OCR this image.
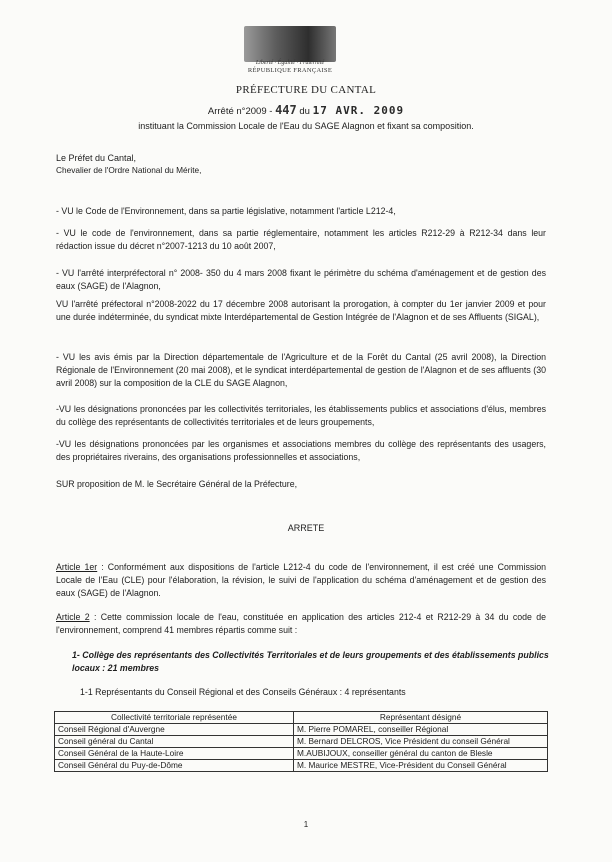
Liberté · Égalité · Fraternité
RÉPUBLIQUE FRANÇAISE
PRÉFECTURE DU CANTAL
Arrêté n°2009 - 447 du 17 AVR. 2009
instituant la Commission Locale de l'Eau du SAGE Alagnon et fixant sa composition.
Le Préfet du Cantal,
Chevalier de l'Ordre National du Mérite,
- VU le Code de l'Environnement, dans sa partie législative, notamment l'article L212-4,
- VU le code de l'environnement, dans sa partie réglementaire, notamment les articles R212-29 à R212-34 dans leur rédaction issue du décret n°2007-1213 du 10 août 2007,
- VU l'arrêté interpréfectoral n° 2008- 350 du 4 mars 2008 fixant le périmètre du schéma d'aménagement et de gestion des eaux (SAGE) de l'Alagnon,
VU l'arrêté préfectoral n°2008-2022 du 17 décembre 2008 autorisant la prorogation, à compter du 1er janvier 2009 et pour une durée indéterminée, du syndicat mixte Interdépartemental de Gestion Intégrée de l'Alagnon et de ses Affluents (SIGAL),
- VU les avis émis par la Direction départementale de l'Agriculture et de la Forêt du Cantal (25 avril 2008), la Direction Régionale de l'Environnement (20 mai 2008), et le syndicat interdépartemental de gestion de l'Alagnon et de ses affluents (30 avril 2008) sur la composition de la CLE du SAGE Alagnon,
-VU les désignations prononcées par les collectivités territoriales, les établissements publics et associations d'élus, membres du collège des représentants de collectivités territoriales et de leurs groupements,
-VU les désignations prononcées par les organismes et associations membres du collège des représentants des usagers, des propriétaires riverains, des organisations professionnelles et associations,
SUR proposition de M. le Secrétaire Général de la Préfecture,
ARRETE
Article 1er : Conformément aux dispositions de l'article L212-4 du code de l'environnement, il est créé une Commission Locale de l'Eau (CLE) pour l'élaboration, la révision, le suivi de l'application du schéma d'aménagement et de gestion des eaux (SAGE) de l'Alagnon.
Article 2 : Cette commission locale de l'eau, constituée en application des articles 212-4 et R212-29 à 34 du code de l'environnement, comprend 41 membres répartis comme suit :
1- Collège des représentants des Collectivités Territoriales et de leurs groupements et des établissements publics locaux : 21 membres
1-1 Représentants du Conseil Régional et des Conseils Généraux : 4 représentants
Collectivité territoriale représentée	Représentant désigné
Conseil Régional d'Auvergne	M. Pierre POMAREL, conseiller Régional
Conseil général du Cantal	M. Bernard DELCROS, Vice Président du conseil Général
Conseil Général de la Haute-Loire	M.AUBIJOUX, conseiller général du canton de Blesle
Conseil Général du Puy-de-Dôme	M. Maurice MESTRE, Vice-Président du Conseil Général
1
